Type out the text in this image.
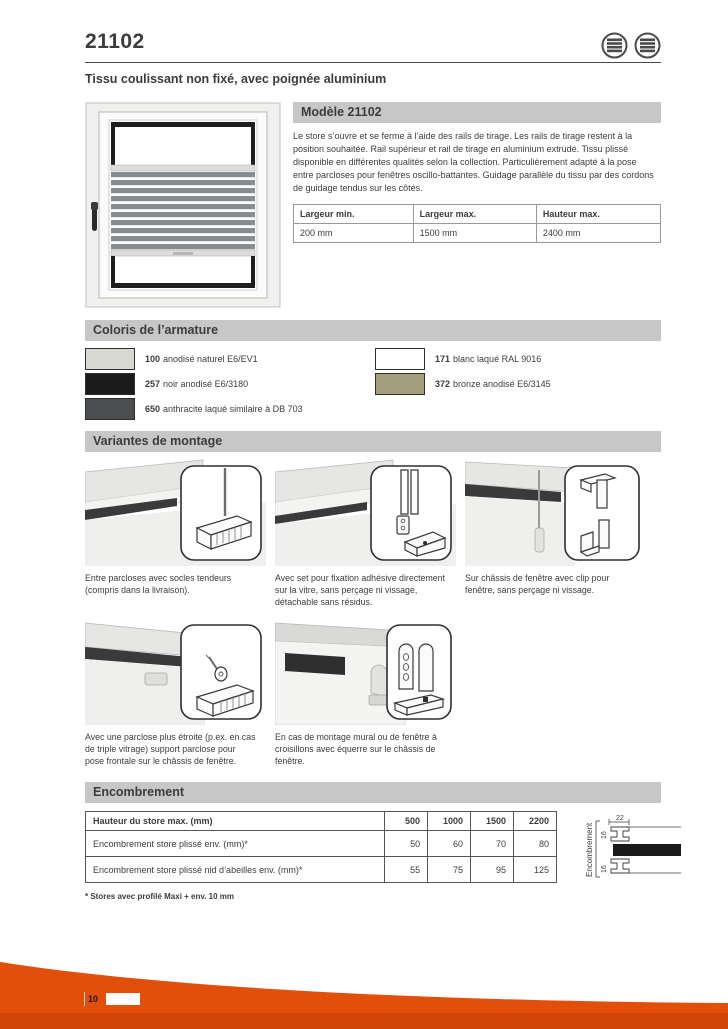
21102
Tissu coulissant non fixé, avec poignée aluminium
Modèle 21102

Le store s’ouvre et se ferme à l’aide des rails de tirage. Les rails de tirage restent à la position souhaitée. Rail supérieur et rail de tirage en aluminium extrudé. Tissu plissé disponible en différentes qualités selon la collection. Particulièrement adapté à la pose entre parcloses pour fenêtres oscillo-battantes. Guidage parallèle du tissu par des cordons de guidage tendus sur les côtés.

Largeur min.	Largeur max.	Hauteur max.
200 mm	1500 mm	2400 mm
Coloris de l’armature
100 anodisé naturel E6/EV1
257 noir anodisé E6/3180
650 anthracite laqué similaire à DB 703
171 blanc laqué RAL 9016
372 bronze anodisé E6/3145
Variantes de montage

Entre parcloses avec socles tendeurs (compris dans la livraison).

Avec set pour fixation adhésive directement sur la vitre, sans perçage ni vissage, détachable sans résidus.

Sur châssis de fenêtre avec clip pour fenêtre, sans perçage ni vissage.

Avec une parclose plus étroite (p.ex. en cas de triple vitrage) support parclose pour pose frontale sur le châssis de fenêtre.

En cas de montage mural ou de fenêtre à croisillons avec équerre sur le châssis de fenêtre.

Encombrement
Hauteur du store max. (mm)	500	1000	1500	2200
Encombrement store plissé env. (mm)*	50	60	70	80
Encombrement store plissé nid d’abeilles env. (mm)*	55	75	95	125	Encombrement
22
16
16

* Stores avec profilé Maxi + env. 10 mm

10
